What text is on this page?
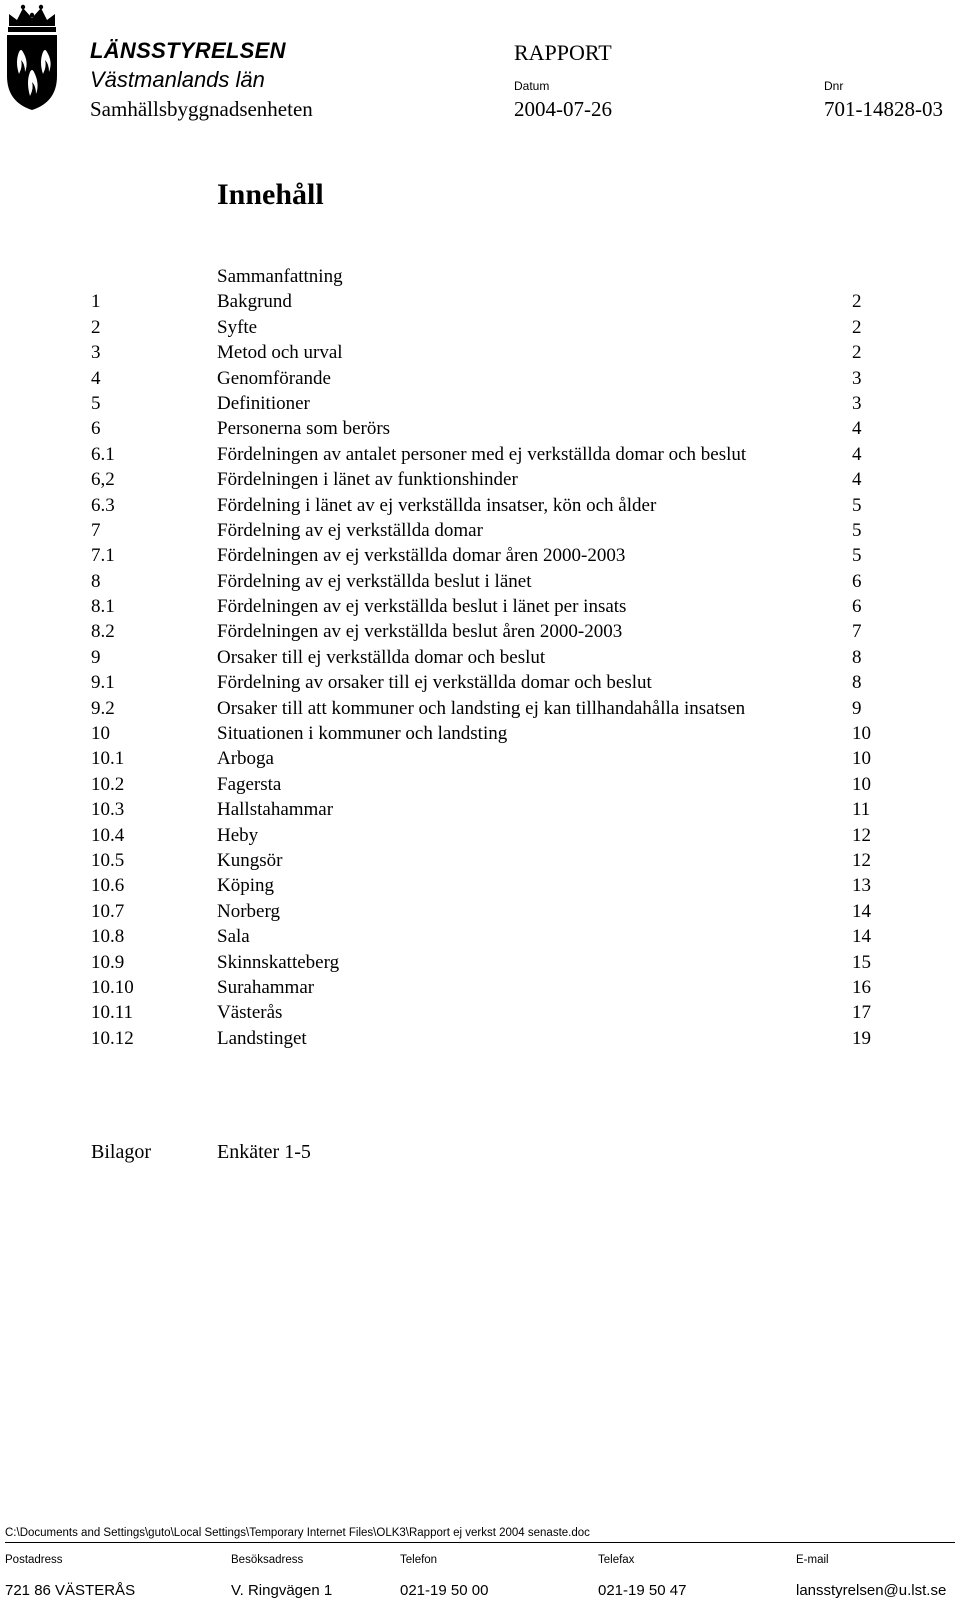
LÄNSSTYRELSEN
Västmanlands län
Samhällsbyggnadsenheten
RAPPORT
Datum	Dnr
2004-07-26	701-14828-03
Innehåll
Sammanfattning
1	Bakgrund	2
2	Syfte	2
3	Metod och urval	2
4	Genomförande	3
5	Definitioner	3
6	Personerna som berörs	4
6.1	Fördelningen av antalet personer med ej verkställda domar och beslut	4
6,2	Fördelningen i länet av funktionshinder	4
6.3	Fördelning i länet av ej verkställda insatser, kön och ålder	5
7	Fördelning av ej verkställda domar	5
7.1	Fördelningen av ej verkställda domar åren 2000-2003	5
8	Fördelning av ej verkställda beslut i länet	6
8.1	Fördelningen av ej verkställda beslut i länet per insats	6
8.2	Fördelningen av ej verkställda beslut åren 2000-2003	7
9	Orsaker till ej verkställda domar och beslut	8
9.1	Fördelning av orsaker till ej verkställda domar och beslut	8
9.2	Orsaker till att kommuner och landsting ej kan tillhandahålla insatsen	9
10	Situationen i kommuner och landsting	10
10.1	Arboga	10
10.2	Fagersta	10
10.3	Hallstahammar	11
10.4	Heby	12
10.5	Kungsör	12
10.6	Köping	13
10.7	Norberg	14
10.8	Sala	14
10.9	Skinnskatteberg	15
10.10	Surahammar	16
10.11	Västerås	17
10.12	Landstinget	19
Bilagor	Enkäter 1-5
C:\Documents and Settings\guto\Local Settings\Temporary Internet Files\OLK3\Rapport ej verkst 2004 senaste.doc
Postadress	Besöksadress	Telefon	Telefax	E-mail
721 86 VÄSTERÅS	V. Ringvägen 1	021-19 50 00	021-19 50 47	lansstyrelsen@u.lst.se
